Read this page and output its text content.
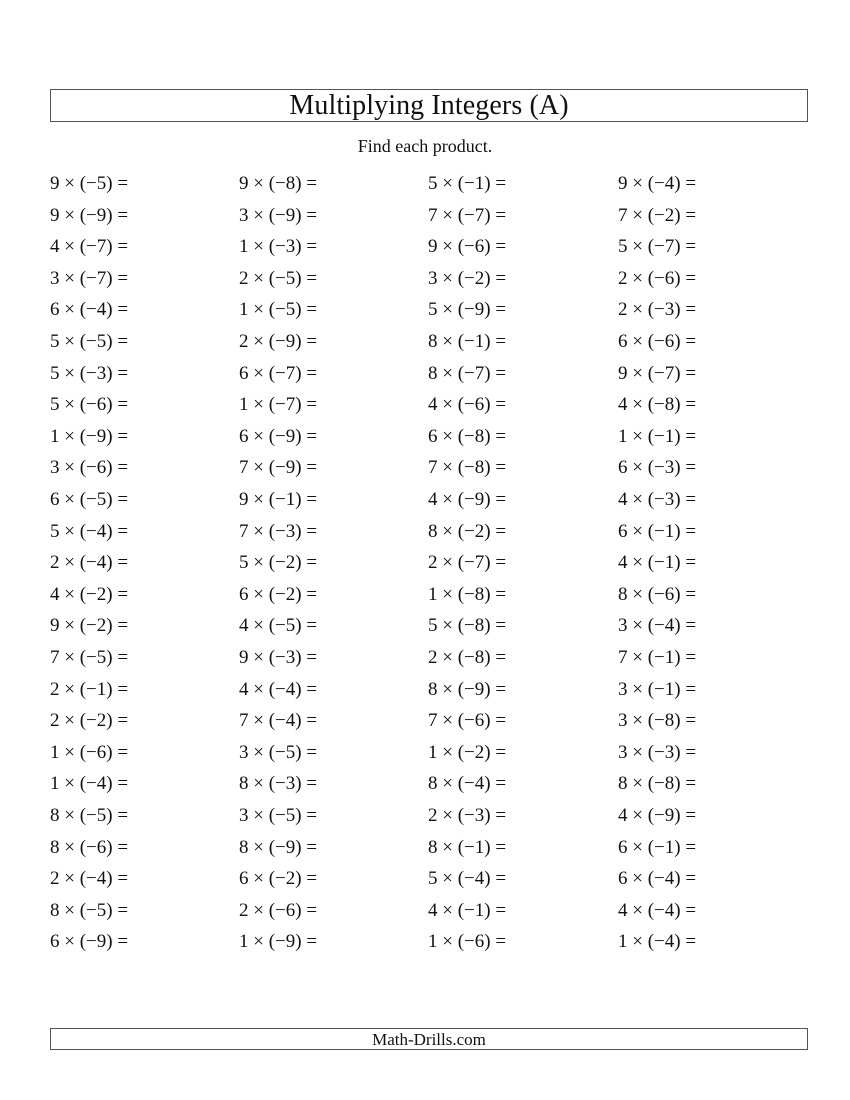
Multiplying Integers (A)
Find each product.
9 × (−5) =	9 × (−8) =	5 × (−1) =	9 × (−4) =
9 × (−9) =	3 × (−9) =	7 × (−7) =	7 × (−2) =
4 × (−7) =	1 × (−3) =	9 × (−6) =	5 × (−7) =
3 × (−7) =	2 × (−5) =	3 × (−2) =	2 × (−6) =
6 × (−4) =	1 × (−5) =	5 × (−9) =	2 × (−3) =
5 × (−5) =	2 × (−9) =	8 × (−1) =	6 × (−6) =
5 × (−3) =	6 × (−7) =	8 × (−7) =	9 × (−7) =
5 × (−6) =	1 × (−7) =	4 × (−6) =	4 × (−8) =
1 × (−9) =	6 × (−9) =	6 × (−8) =	1 × (−1) =
3 × (−6) =	7 × (−9) =	7 × (−8) =	6 × (−3) =
6 × (−5) =	9 × (−1) =	4 × (−9) =	4 × (−3) =
5 × (−4) =	7 × (−3) =	8 × (−2) =	6 × (−1) =
2 × (−4) =	5 × (−2) =	2 × (−7) =	4 × (−1) =
4 × (−2) =	6 × (−2) =	1 × (−8) =	8 × (−6) =
9 × (−2) =	4 × (−5) =	5 × (−8) =	3 × (−4) =
7 × (−5) =	9 × (−3) =	2 × (−8) =	7 × (−1) =
2 × (−1) =	4 × (−4) =	8 × (−9) =	3 × (−1) =
2 × (−2) =	7 × (−4) =	7 × (−6) =	3 × (−8) =
1 × (−6) =	3 × (−5) =	1 × (−2) =	3 × (−3) =
1 × (−4) =	8 × (−3) =	8 × (−4) =	8 × (−8) =
8 × (−5) =	3 × (−5) =	2 × (−3) =	4 × (−9) =
8 × (−6) =	8 × (−9) =	8 × (−1) =	6 × (−1) =
2 × (−4) =	6 × (−2) =	5 × (−4) =	6 × (−4) =
8 × (−5) =	2 × (−6) =	4 × (−1) =	4 × (−4) =
6 × (−9) =	1 × (−9) =	1 × (−6) =	1 × (−4) =
Math-Drills.com
